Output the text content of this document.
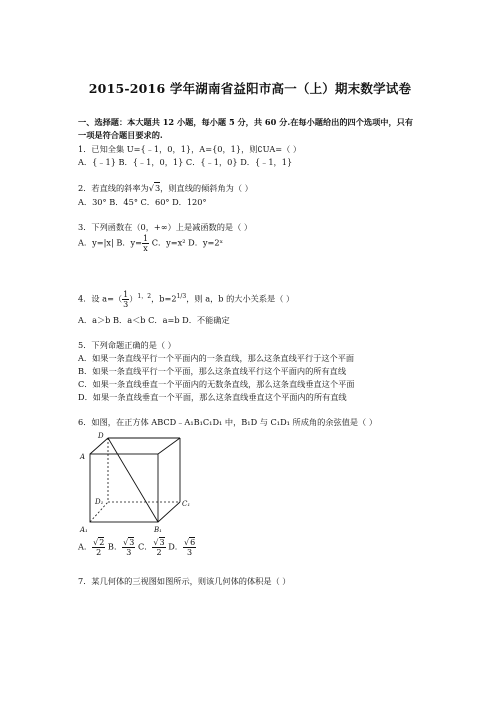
2015-2016 学年湖南省益阳市高一（上）期末数学试卷
一、选择题：本大题共 12 小题，每小题 5 分，共 60 分.在每小题给出的四个选项中，只有
一项是符合题目要求的.
1．已知全集 U={﹣1，0，1}，A={0，1}，则∁UA=（ ）
A．{﹣1} B．{﹣1，0，1} C．{﹣1，0} D．{﹣1，1}
2．若直线的斜率为√3，则直线的倾斜角为（ ）
A．30° B．45° C．60° D．120°
3．下列函数在（0，+∞）上是减函数的是（ ）
A．y=|x| B．$y= \frac{1}{x}$ C．y=x² D．y=2ˣ
4．设 $a=( \frac{1}{3} )^{1,2}$，$b=2^{1/3}$，则 a，b 的大小关系是（ ）
A．a＞b B．a＜b C．a=b D．不能确定
5．下列命题正确的是（ ）
A．如果一条直线平行一个平面内的一条直线，那么这条直线平行于这个平面
B．如果一条直线平行一个平面，那么这条直线平行这个平面内的所有直线
C．如果一条直线垂直一个平面内的无数条直线，那么这条直线垂直这个平面
D．如果一条直线垂直一个平面，那么这条直线垂直这个平面内的所有直线
6．如图，在正方体 ABCD﹣A₁B₁C₁D₁ 中，B₁D 与 C₁D₁ 所成角的余弦值是（ ）
D
A
C₁
D₁
A₁	B₁
A． $\frac{√2}{2}$ B． $\frac{√3}{3}$ C． $\frac{√3}{2}$ D． $\frac{√6}{3}$
7．某几何体的三视图如图所示，则该几何体的体积是（ ）
